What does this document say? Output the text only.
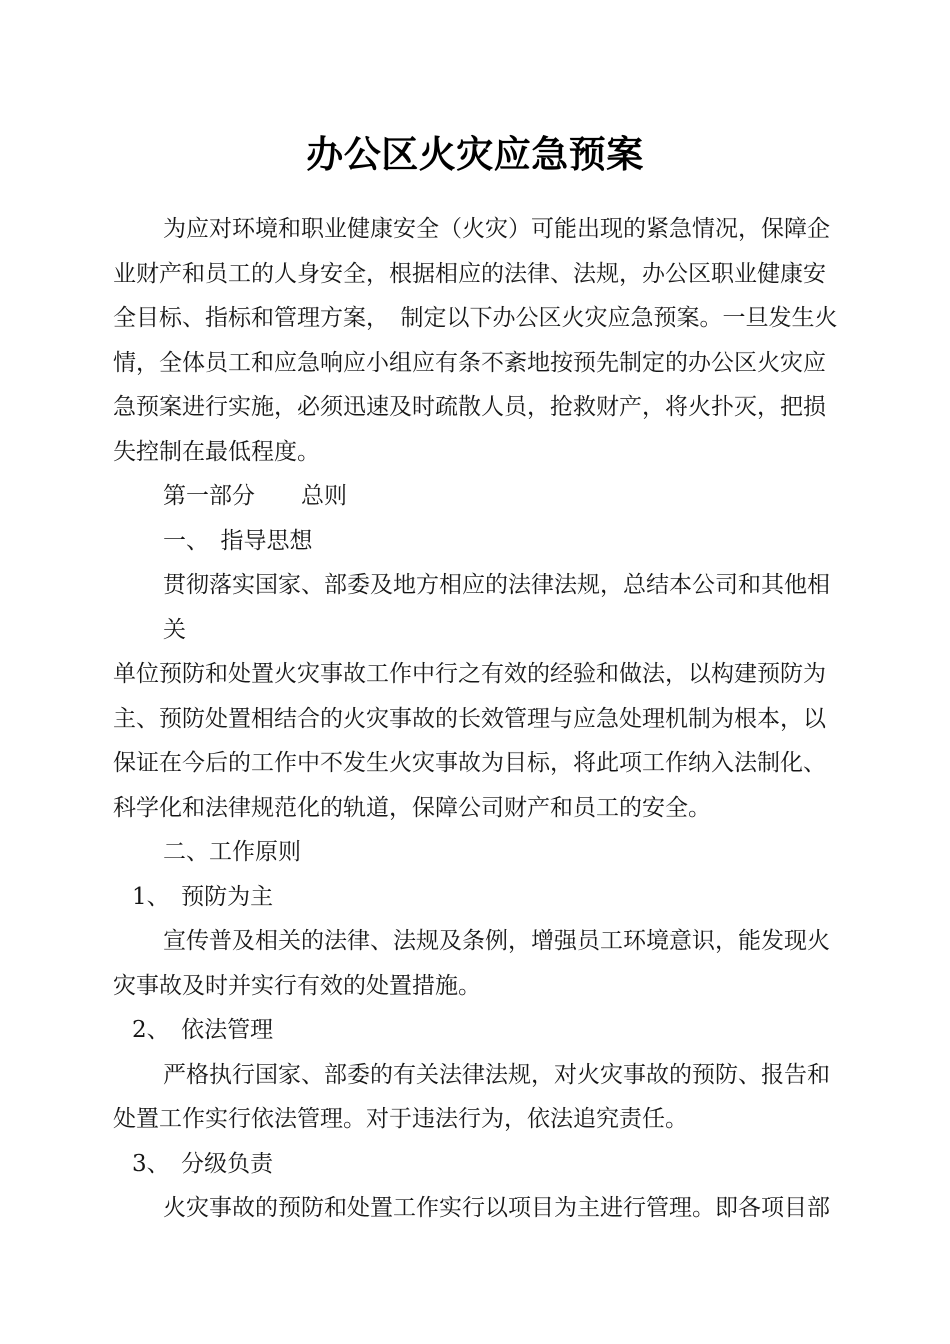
办公区火灾应急预案
为应对环境和职业健康安全（火灾）可能出现的紧急情况，保障企
业财产和员工的人身安全，根据相应的法律、法规，办公区职业健康安
全目标、指标和管理方案，　制定以下办公区火灾应急预案。一旦发生火
情，全体员工和应急响应小组应有条不紊地按预先制定的办公区火灾应
急预案进行实施，必须迅速及时疏散人员，抢救财产，将火扑灭，把损
失控制在最低程度。
第一部分　　总则
一、　指导思想
贯彻落实国家、部委及地方相应的法律法规，总结本公司和其他相
关
单位预防和处置火灾事故工作中行之有效的经验和做法，以构建预防为
主、预防处置相结合的火灾事故的长效管理与应急处理机制为根本，以
保证在今后的工作中不发生火灾事故为目标，将此项工作纳入法制化、
科学化和法律规范化的轨道，保障公司财产和员工的安全。
二、工作原则
1、　预防为主
宣传普及相关的法律、法规及条例，增强员工环境意识，能发现火
灾事故及时并实行有效的处置措施。
2、　依法管理
严格执行国家、部委的有关法律法规，对火灾事故的预防、报告和
处置工作实行依法管理。对于违法行为，依法追究责任。
3、　分级负责
火灾事故的预防和处置工作实行以项目为主进行管理。即各项目部
